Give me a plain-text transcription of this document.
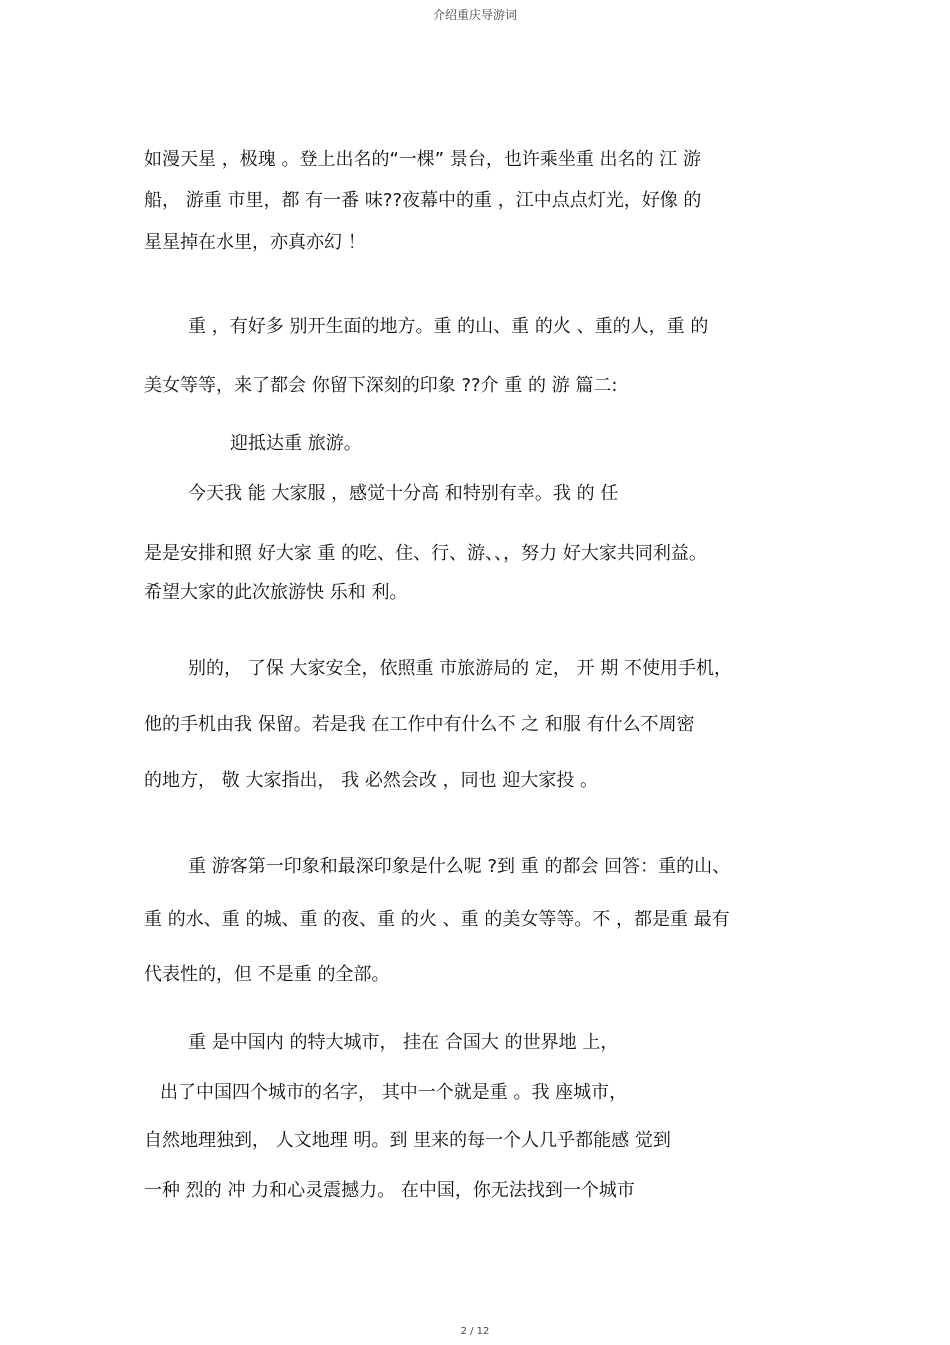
介绍重庆导游词
如漫天星 ，极瑰 。登上出名的“一棵” 景台，也许乘坐重 出名的 江 游
船， 游重 市里，都 有一番 味??夜幕中的重 ，江中点点灯光，好像 的
星星掉在水里，亦真亦幻 ！
重 ，有好多 别开生面的地方。重 的山、重 的火 、重的人，重 的
美女等等，来了都会 你留下深刻的印象 ??介 重 的 游 篇二:
迎抵达重 旅游。
今天我 能 大家服 ，感觉十分高 和特别有幸。我 的 任
是是安排和照 好大家 重 的吃、住、行、游、、，努力 好大家共同利益。
希望大家的此次旅游快 乐和 利。
别的， 了保 大家安全，依照重 市旅游局的 定， 开 期 不使用手机，
他的手机由我 保留。若是我 在工作中有什么不 之 和服 有什么不周密
的地方， 敬 大家指出， 我 必然会改 ，同也 迎大家投 。
重 游客第一印象和最深印象是什么呢 ?到 重 的都会 回答：重的山、
重 的水、重 的城、重 的夜、重 的火 、重 的美女等等。不 ，都是重 最有
代表性的，但 不是重 的全部。
重 是中国内 的特大城市， 挂在 合国大 的世界地 上，
出了中国四个城市的名字， 其中一个就是重 。我 座城市，
自然地理独到， 人文地理 明。到 里来的每一个人几乎都能感 觉到
一种 烈的 冲 力和心灵震撼力。 在中国，你无法找到一个城市
2 / 12
